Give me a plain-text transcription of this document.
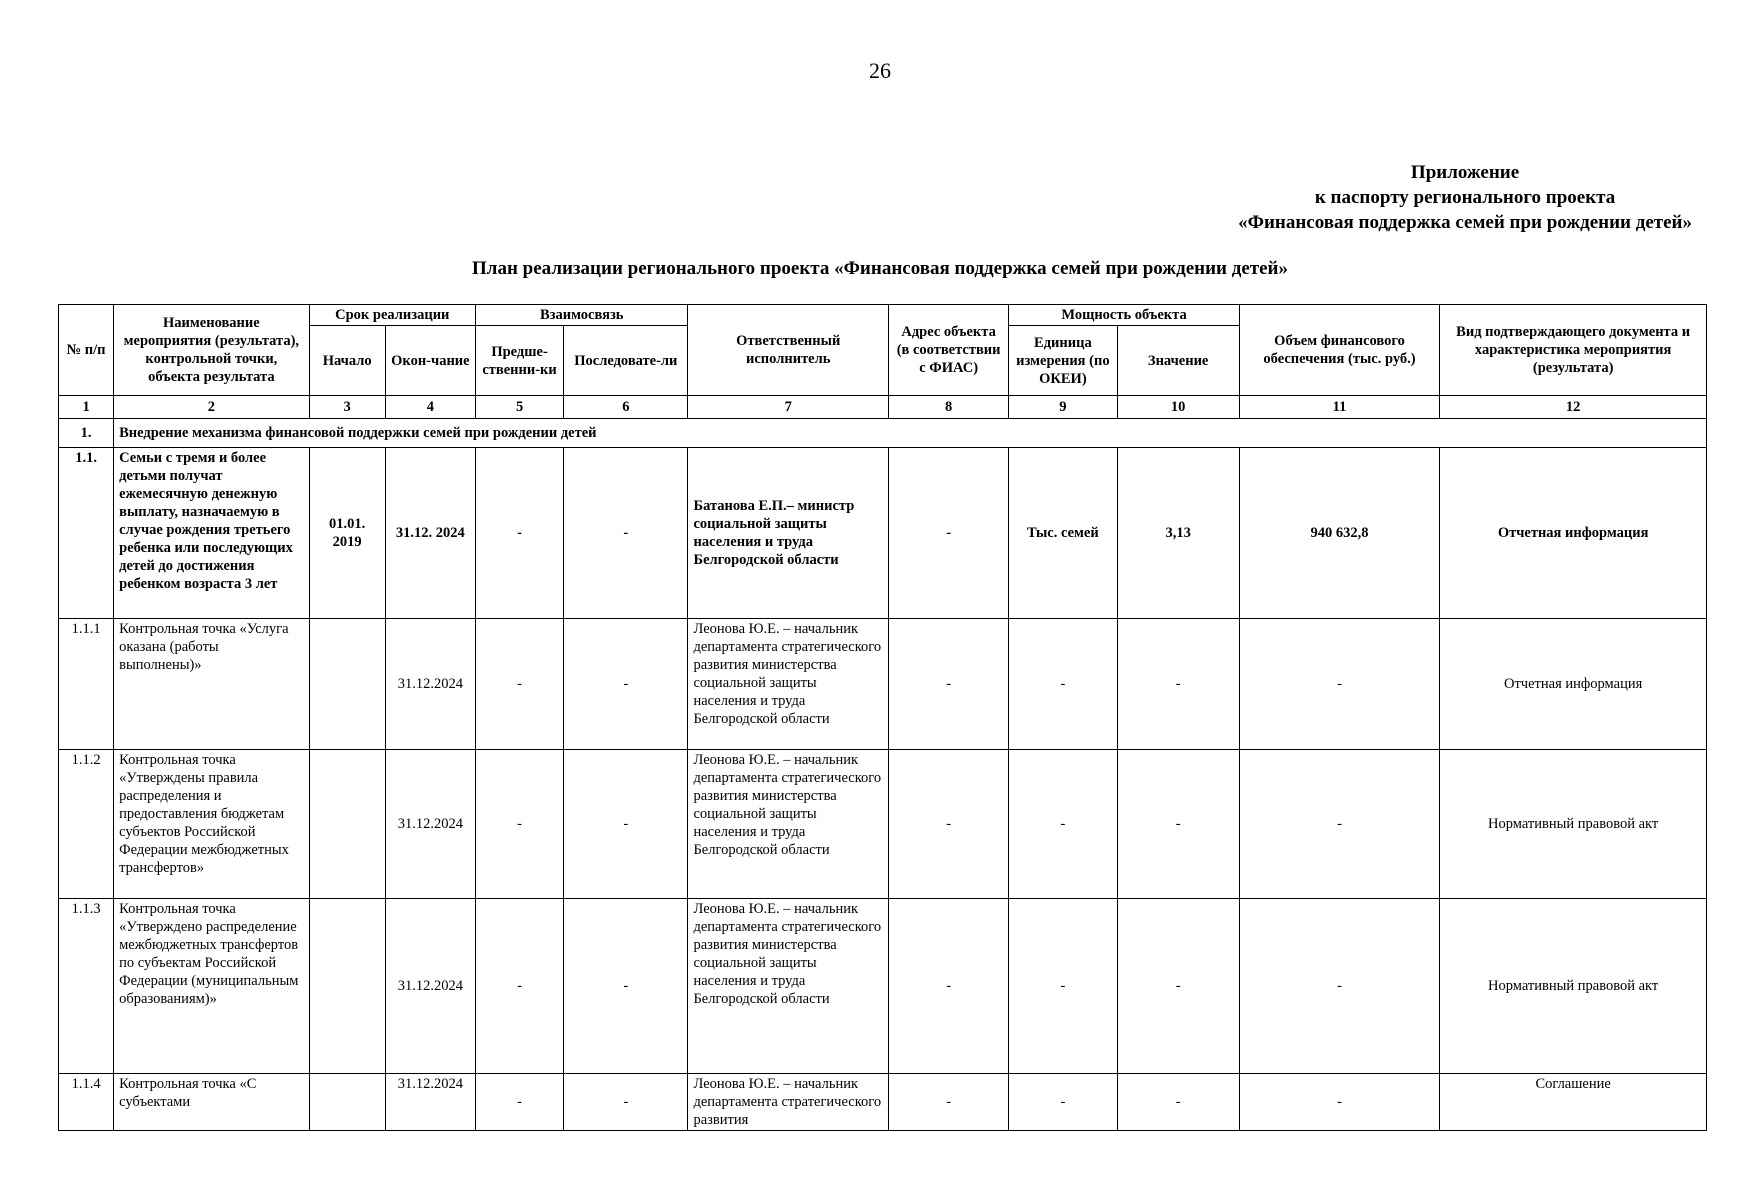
26
Приложение
к паспорту регионального проекта
«Финансовая поддержка семей при рождении детей»
План реализации регионального проекта «Финансовая поддержка семей при рождении детей»
№ п/п	Наименование мероприятия (результата), контрольной точки, объекта результата	Срок реализации		Взаимосвязь		Ответственный исполнитель	Адрес объекта (в соответствии с ФИАС)	Мощность объекта		Объем финансового обеспечения (тыс. руб.)	Вид подтверждающего документа и характеристика мероприятия (результата)
		Начало	Окон-чание	Предше-ственни-ки	Последовате-ли			Единица измерения (по ОКЕИ)	Значение		
1	2	3	4	5	6	7	8	9	10	11	12
1.	Внедрение механизма финансовой поддержки семей при рождении детей										
1.1.	Семьи с тремя и более детьми получат ежемесячную денежную выплату, назначаемую в случае рождения третьего ребенка или последующих детей до достижения ребенком возраста 3 лет	01.01. 2019	31.12. 2024	-	-	Батанова Е.П.– министр социальной защиты населения и труда Белгородской области	-	Тыс. семей	3,13	940 632,8	Отчетная информация
1.1.1	Контрольная точка «Услуга оказана (работы выполнены)»		31.12.2024	-	-	Леонова Ю.Е. – начальник департамента стратегического развития министерства социальной защиты населения и труда Белгородской области	-	-	-	-	Отчетная информация
1.1.2	Контрольная точка «Утверждены правила распределения и предоставления бюджетам субъектов Российской Федерации межбюджетных трансфертов»		31.12.2024	-	-	Леонова Ю.Е. – начальник департамента стратегического развития министерства социальной защиты населения и труда Белгородской области	-	-	-	-	Нормативный правовой акт
1.1.3	Контрольная точка «Утверждено распределение межбюджетных трансфертов по субъектам Российской Федерации (муниципальным образованиям)»		31.12.2024	-	-	Леонова Ю.Е. – начальник департамента стратегического развития министерства социальной защиты населения и труда Белгородской области	-	-	-	-	Нормативный правовой акт
1.1.4	Контрольная точка «С субъектами		31.12.2024	-	-	Леонова Ю.Е. – начальник департамента стратегического развития	-	-	-	-	Соглашение
